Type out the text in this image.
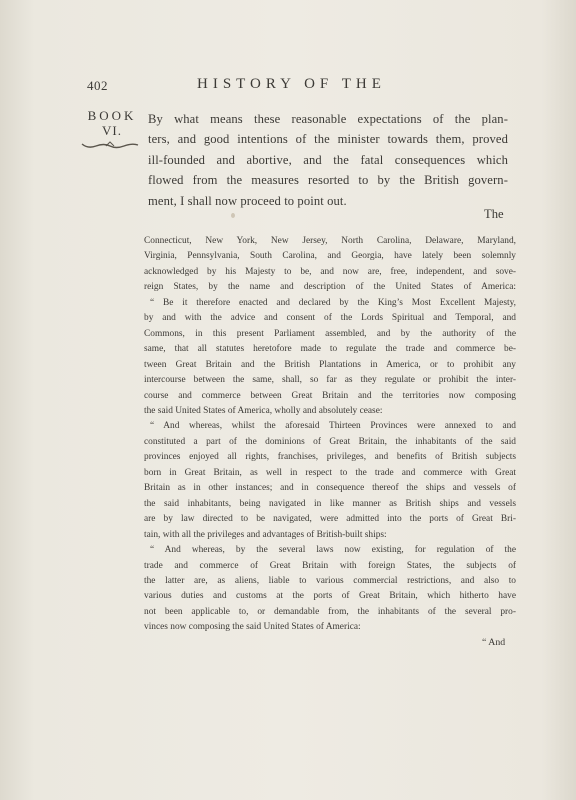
402	HISTORY OF THE
BOOK
VI.
By what means these reasonable expectations of the plan-
ters, and good intentions of the minister towards them, proved
ill-founded and abortive, and the fatal consequences which
flowed from the measures resorted to by the British govern-
ment, I shall now proceed to point out.
The
Connecticut, New York, New Jersey, North Carolina, Delaware, Maryland,
Virginia, Pennsylvania, South Carolina, and Georgia, have lately been solemnly
acknowledged by his Majesty to be, and now are, free, independent, and sove-
reign States, by the name and description of the United States of America:
“ Be it therefore enacted and declared by the King’s Most Excellent Majesty,
by and with the advice and consent of the Lords Spiritual and Temporal, and
Commons, in this present Parliament assembled, and by the authority of the
same, that all statutes heretofore made to regulate the trade and commerce be-
tween Great Britain and the British Plantations in America, or to prohibit any
intercourse between the same, shall, so far as they regulate or prohibit the inter-
course and commerce between Great Britain and the territories now composing
the said United States of America, wholly and absolutely cease:
“ And whereas, whilst the aforesaid Thirteen Provinces were annexed to and
constituted a part of the dominions of Great Britain, the inhabitants of the said
provinces enjoyed all rights, franchises, privileges, and benefits of British subjects
born in Great Britain, as well in respect to the trade and commerce with Great
Britain as in other instances; and in consequence thereof the ships and vessels of
the said inhabitants, being navigated in like manner as British ships and vessels
are by law directed to be navigated, were admitted into the ports of Great Bri-
tain, with all the privileges and advantages of British-built ships:
“ And whereas, by the several laws now existing, for regulation of the
trade and commerce of Great Britain with foreign States, the subjects of
the latter are, as aliens, liable to various commercial restrictions, and also to
various duties and customs at the ports of Great Britain, which hitherto have
not been applicable to, or demandable from, the inhabitants of the several pro-
vinces now composing the said United States of America:
“ And
